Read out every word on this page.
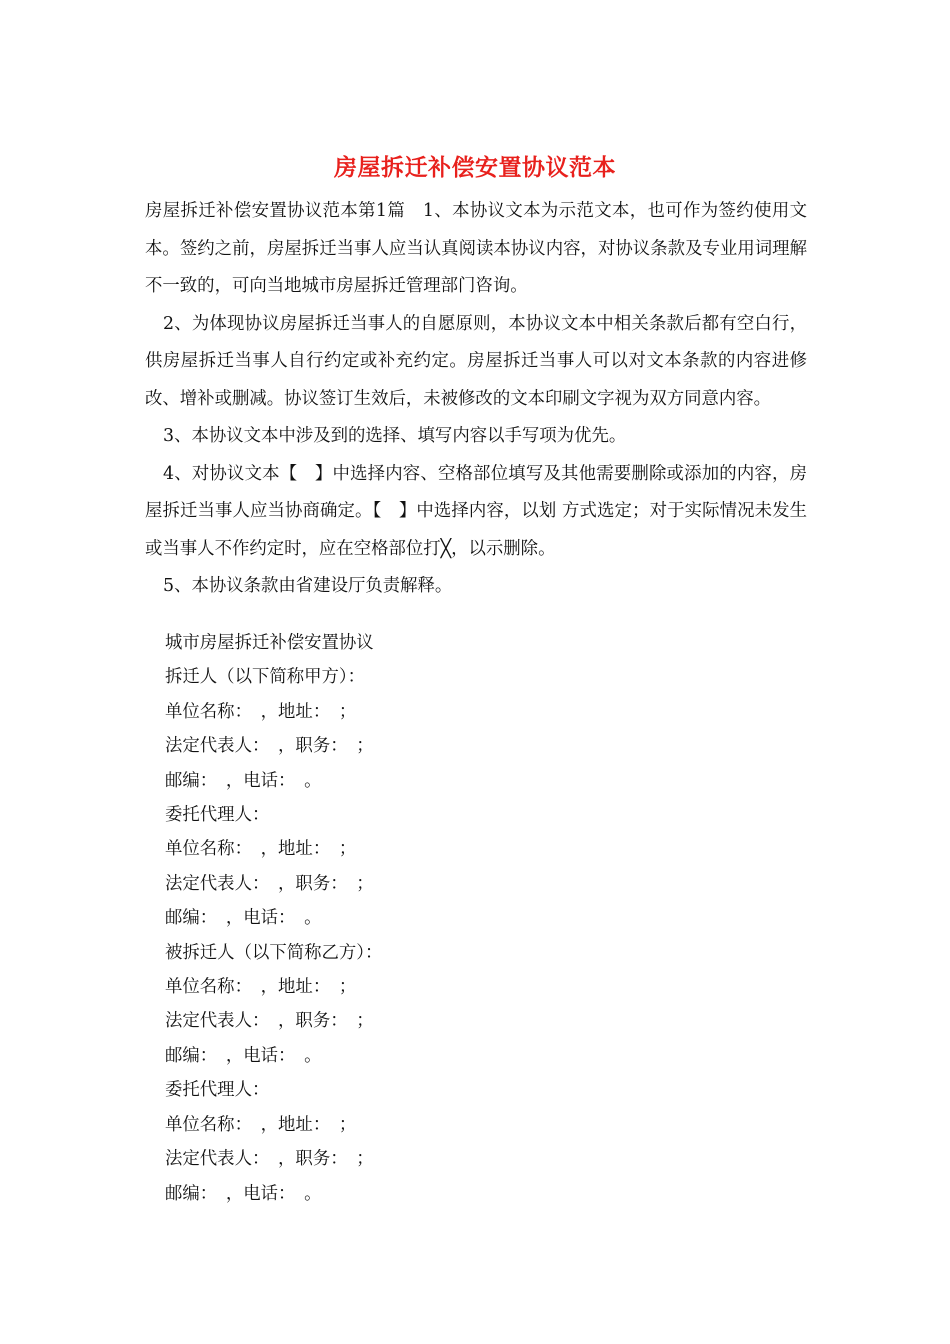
房屋拆迁补偿安置协议范本

房屋拆迁补偿安置协议范本第1篇　1、本协议文本为示范文本，也可作为签约使用文本。签约之前，房屋拆迁当事人应当认真阅读本协议内容，对协议条款及专业用词理解不一致的，可向当地城市房屋拆迁管理部门咨询。

2、为体现协议房屋拆迁当事人的自愿原则，本协议文本中相关条款后都有空白行，供房屋拆迁当事人自行约定或补充约定。房屋拆迁当事人可以对文本条款的内容进修改、增补或删减。协议签订生效后，未被修改的文本印刷文字视为双方同意内容。

3、本协议文本中涉及到的选择、填写内容以手写项为优先。

4、对协议文本【　】中选择内容、空格部位填写及其他需要删除或添加的内容，房屋拆迁当事人应当协商确定。【　】中选择内容，以划 方式选定；对于实际情况未发生或当事人不作约定时，应在空格部位打╳，以示删除。

5、本协议条款由省建设厅负责解释。

城市房屋拆迁补偿安置协议
拆迁人（以下简称甲方）：
单位名称：　，地址：　；
法定代表人：　，职务：　；
邮编：　，电话：　。
委托代理人：
单位名称：　，地址：　；
法定代表人：　，职务：　；
邮编：　，电话：　。
被拆迁人（以下简称乙方）：
单位名称：　，地址：　；
法定代表人：　，职务：　；
邮编：　，电话：　。
委托代理人：
单位名称：　，地址：　；
法定代表人：　，职务：　；
邮编：　，电话：　。
